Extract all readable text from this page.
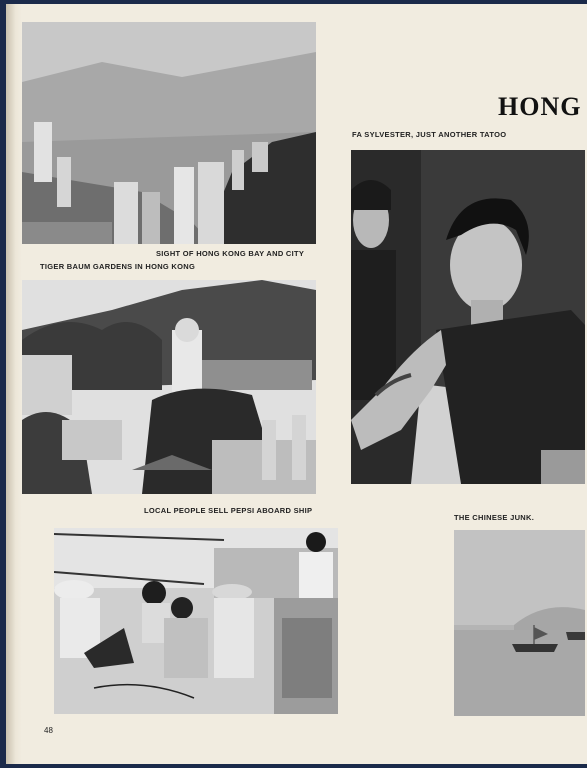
SIGHT OF HONG KONG BAY AND CITY
TIGER BAUM GARDENS IN HONG KONG
HONG
FA SYLVESTER, JUST ANOTHER TATOO
LOCAL PEOPLE SELL PEPSI ABOARD SHIP
THE CHINESE JUNK.
48
